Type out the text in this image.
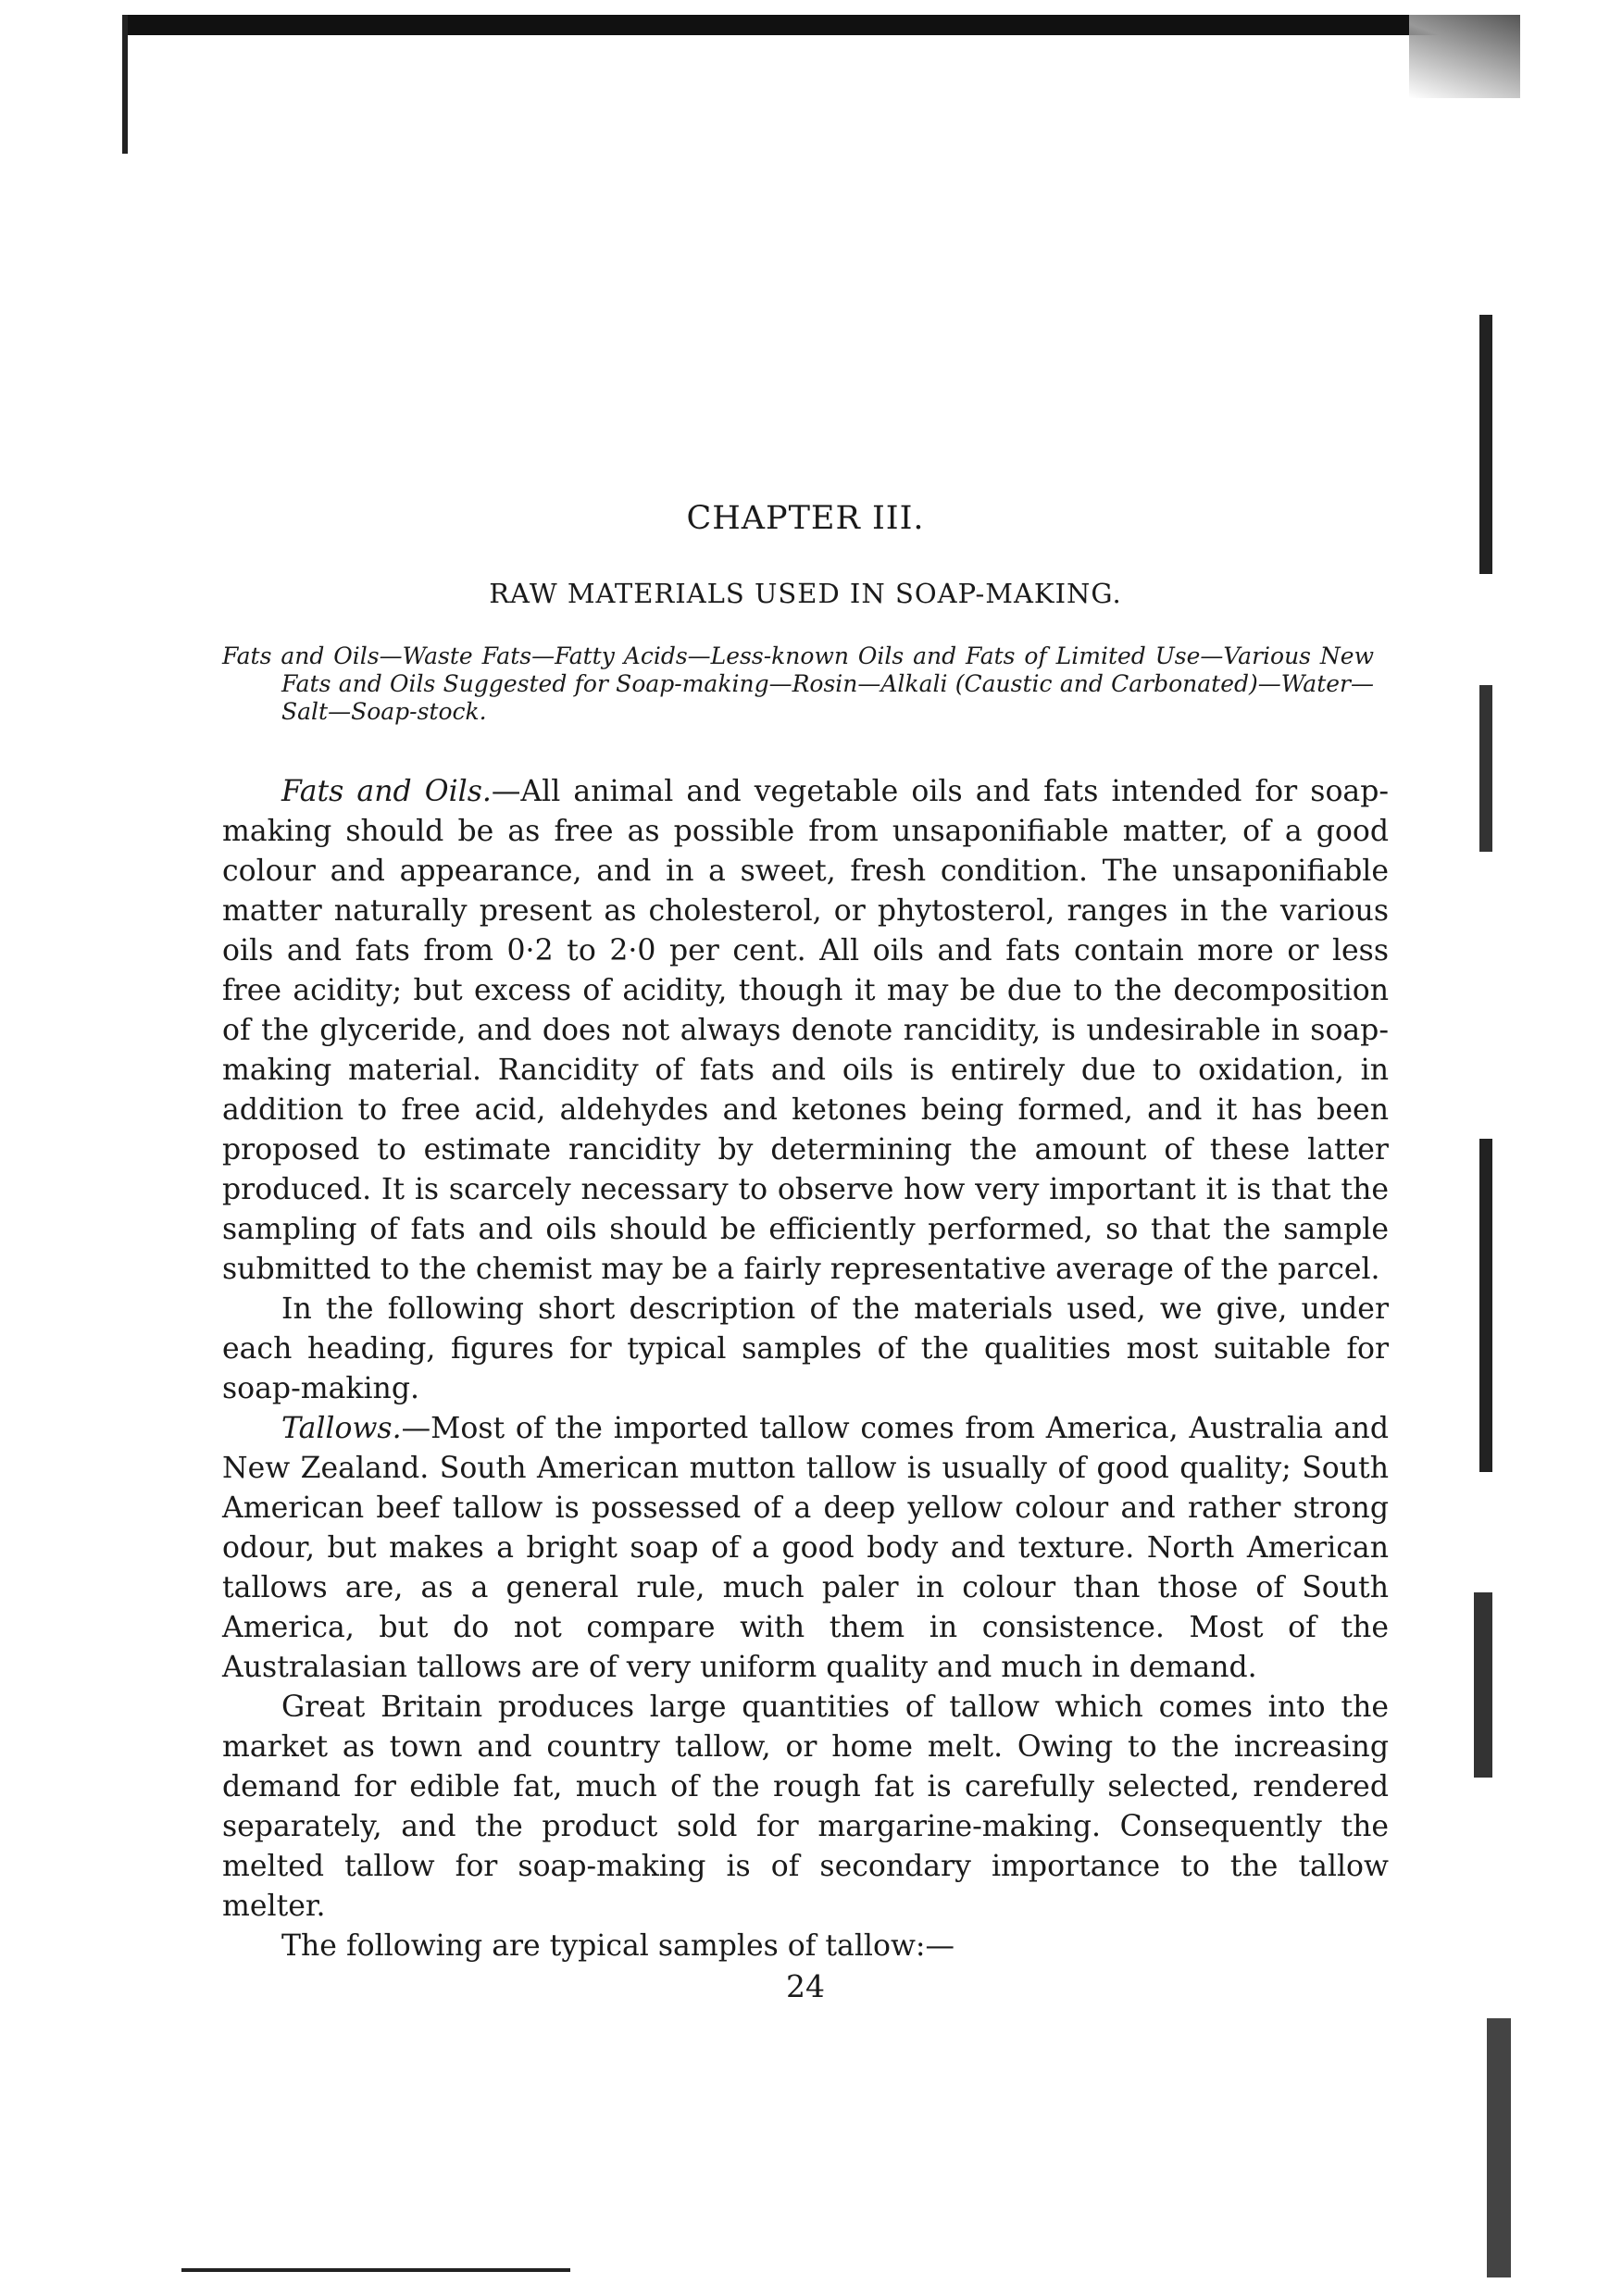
CHAPTER III.
RAW MATERIALS USED IN SOAP-MAKING.

Fats and Oils—Waste Fats—Fatty Acids—Less-known Oils and Fats of Limited Use—Various New Fats and Oils Suggested for Soap-making—Rosin—Alkali (Caustic and Carbonated)—Water—Salt—Soap-stock.

Fats and Oils.—All animal and vegetable oils and fats intended for soap-making should be as free as possible from unsaponifiable matter, of a good colour and appearance, and in a sweet, fresh condition. The unsaponifiable matter naturally present as cholesterol, or phytosterol, ranges in the various oils and fats from 0·2 to 2·0 per cent. All oils and fats contain more or less free acidity; but excess of acidity, though it may be due to the decomposition of the glyceride, and does not always denote rancidity, is undesirable in soap-making material. Rancidity of fats and oils is entirely due to oxidation, in addition to free acid, aldehydes and ketones being formed, and it has been proposed to estimate rancidity by determining the amount of these latter produced. It is scarcely necessary to observe how very important it is that the sampling of fats and oils should be efficiently performed, so that the sample submitted to the chemist may be a fairly representative average of the parcel.

In the following short description of the materials used, we give, under each heading, figures for typical samples of the qualities most suitable for soap-making.

Tallows.—Most of the imported tallow comes from America, Australia and New Zealand. South American mutton tallow is usually of good quality; South American beef tallow is possessed of a deep yellow colour and rather strong odour, but makes a bright soap of a good body and texture. North American tallows are, as a general rule, much paler in colour than those of South America, but do not compare with them in consistence. Most of the Australasian tallows are of very uniform quality and much in demand.

Great Britain produces large quantities of tallow which comes into the market as town and country tallow, or home melt. Owing to the increasing demand for edible fat, much of the rough fat is carefully selected, rendered separately, and the product sold for margarine-making. Consequently the melted tallow for soap-making is of secondary importance to the tallow melter.

The following are typical samples of tallow:—

24
